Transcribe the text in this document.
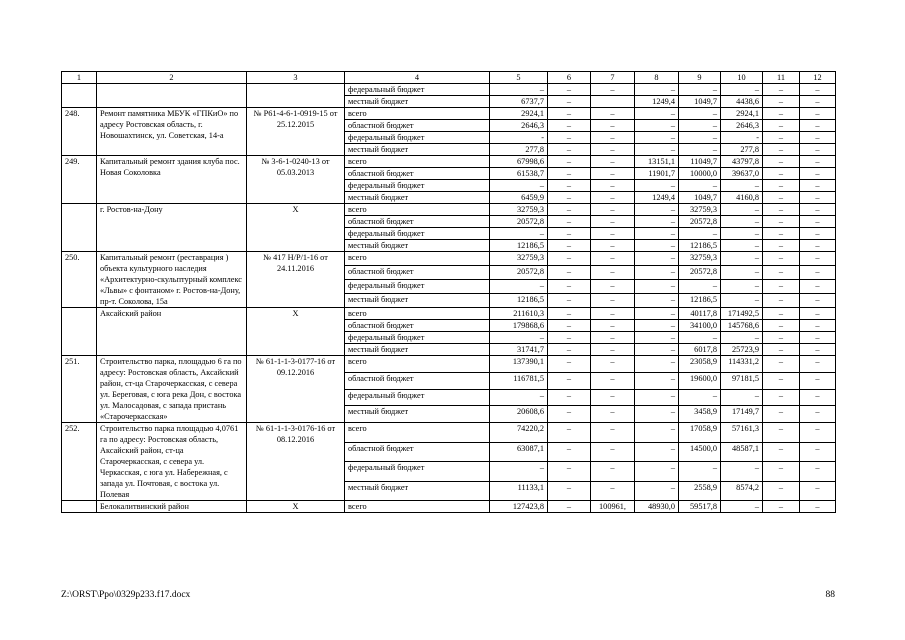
1	2	3	4	5	6	7	8	9	10	11	12
			федеральный бюджет	–	–	–	–	–	–	–	–
			местный бюджет	6737,7	–		1249,4	1049,7	4438,6	–	–
248.	Ремонт памятника МБУК «ГПКиО» по адресу Ростовская область, г. Новошахтинск, ул. Советская, 14-а	№ Р61-4-6-1-0919-15 от 25.12.2015	всего	2924,1	–	–	–	–	2924,1	–	–
			областной бюджет	2646,3	–	–	–	–	2646,3	–	–
			федеральный бюджет	-	–	–	–	–	-	–	–
			местный бюджет	277,8	–	–	–	–	277,8	–	–
249.	Капитальный ремонт здания клуба пос. Новая Соколовка	№ 3-6-1-0240-13 от 05.03.2013	всего	67998,6	–	–	13151,1	11049,7	43797,8	–	–
			областной бюджет	61538,7	–	–	11901,7	10000,0	39637,0	–	–
			федеральный бюджет	–	–	–	–	–	–	–	–
			местный бюджет	6459,9	–	–	1249,4	1049,7	4160,8	–	–
	г. Ростов-на-Дону	Х	всего	32759,3	–	–	–	32759,3	–	–	–
			областной бюджет	20572,8	–	–	–	20572,8	–	–	–
			федеральный бюджет	–	–	–	–	–	–	–	–
			местный бюджет	12186,5	–	–	–	12186,5	–	–	–
250.	Капитальный ремонт (реставрация ) объекта культурного наследия «Архитектурно-скульптурный комплекс «Львы» с фонтаном» г. Ростов-на-Дону, пр-т. Соколова, 15а	№ 417 Н/Р/1-16 от 24.11.2016	всего	32759,3	–	–	–	32759,3	–	–	–
			областной бюджет	20572,8	–	–	–	20572,8	–	–	–
			федеральный бюджет	–	–	–	–	–	–	–	–
			местный бюджет	12186,5	–	–	–	12186,5	–	–	–
	Аксайский район	Х	всего	211610,3	–	–	–	40117,8	171492,5	–	–
			областной бюджет	179868,6	–	–	–	34100,0	145768,6	–	–
			федеральный бюджет	–	–	–	–	–	–	–	–
			местный бюджет	31741,7	–	–	–	6017,8	25723,9	–	–
251.	Строительство парка, площадью 6 га по адресу: Ростовская область, Аксайский район, ст-ца Старочеркасская, с севера ул. Береговая, с юга река Дон, с востока ул. Малосадовая, с запада пристань «Старочеркасская»	№ 61-1-1-3-0177-16 от 09.12.2016	всего	137390,1	–	–	–	23058,9	114331,2	–	–
			областной бюджет	116781,5	–	–	–	19600,0	97181,5	–	–
			федеральный бюджет	–	–	–	–	–	–	–	–
			местный бюджет	20608,6	–	–	–	3458,9	17149,7	–	–
252.	Строительство парка площадью 4,0761 га по адресу: Ростовская область, Аксайский район, ст-ца Старочеркасская, с севера ул. Черкасская, с юга ул. Набережная, с запада ул. Почтовая, с востока ул. Полевая	№ 61-1-1-3-0176-16 от 08.12.2016	всего	74220,2	–	–	–	17058,9	57161,3	–	–
			областной бюджет	63087,1	–	–	–	14500,0	48587,1	–	–
			федеральный бюджет	–	–	–	–	–	–	–	–
			местный бюджет	11133,1	–	–	–	2558,9	8574,2	–	–
	Белокалитвинский район	Х	всего	127423,8	–	100961,	48930,0	59517,8	–	–	–
Z:\ORST\Ppo\0329p233.f17.docx	88
